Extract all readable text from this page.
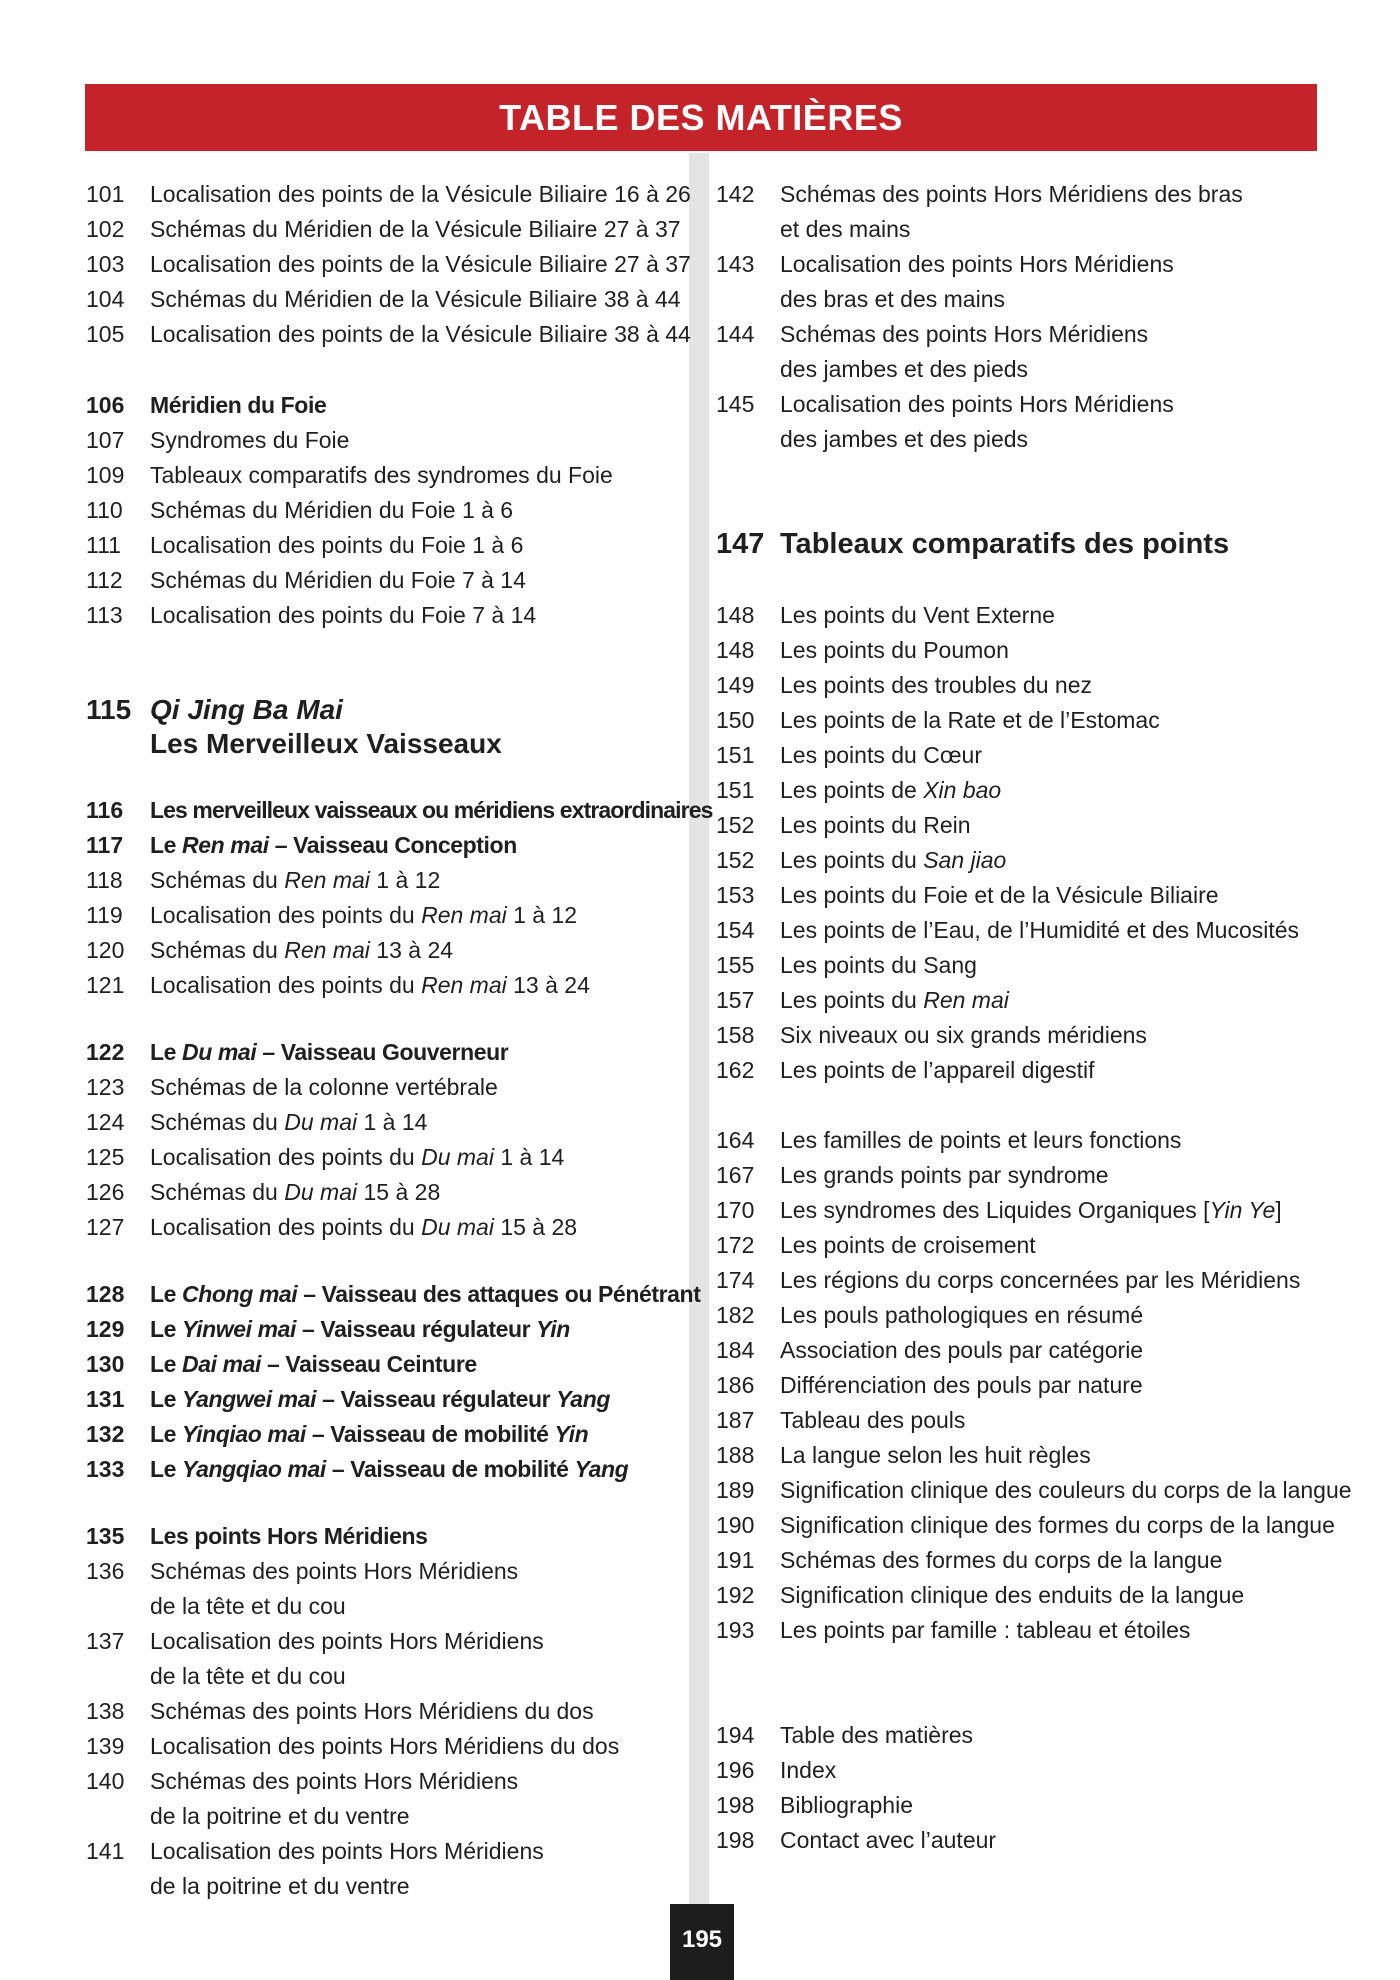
TABLE DES MATIÈRES
101 Localisation des points de la Vésicule Biliaire 16 à 26
102 Schémas du Méridien de la Vésicule Biliaire 27 à 37
103 Localisation des points de la Vésicule Biliaire 27 à 37
104 Schémas du Méridien de la Vésicule Biliaire 38 à 44
105 Localisation des points de la Vésicule Biliaire 38 à 44
106 Méridien du Foie
107 Syndromes du Foie
109 Tableaux comparatifs des syndromes du Foie
110 Schémas du Méridien du Foie 1 à 6
111 Localisation des points du Foie 1 à 6
112 Schémas du Méridien du Foie 7 à 14
113 Localisation des points du Foie 7 à 14
115 Qi Jing Ba Mai
Les Merveilleux Vaisseaux
116 Les merveilleux vaisseaux ou méridiens extraordinaires
117 Le Ren mai – Vaisseau Conception
118 Schémas du Ren mai 1 à 12
119 Localisation des points du Ren mai 1 à 12
120 Schémas du Ren mai 13 à 24
121 Localisation des points du Ren mai 13 à 24
122 Le Du mai – Vaisseau Gouverneur
123 Schémas de la colonne vertébrale
124 Schémas du Du mai 1 à 14
125 Localisation des points du Du mai 1 à 14
126 Schémas du Du mai 15 à 28
127 Localisation des points du Du mai 15 à 28
128 Le Chong mai – Vaisseau des attaques ou Pénétrant
129 Le Yinwei mai – Vaisseau régulateur Yin
130 Le Dai mai – Vaisseau Ceinture
131 Le Yangwei mai – Vaisseau régulateur Yang
132 Le Yinqiao mai – Vaisseau de mobilité Yin
133 Le Yangqiao mai – Vaisseau de mobilité Yang
135 Les points Hors Méridiens
136 Schémas des points Hors Méridiens
de la tête et du cou
137 Localisation des points Hors Méridiens
de la tête et du cou
138 Schémas des points Hors Méridiens du dos
139 Localisation des points Hors Méridiens du dos
140 Schémas des points Hors Méridiens
de la poitrine et du ventre
141 Localisation des points Hors Méridiens
de la poitrine et du ventre
142 Schémas des points Hors Méridiens des bras
et des mains
143 Localisation des points Hors Méridiens
des bras et des mains
144 Schémas des points Hors Méridiens
des jambes et des pieds
145 Localisation des points Hors Méridiens
des jambes et des pieds
147 Tableaux comparatifs des points
148 Les points du Vent Externe
148 Les points du Poumon
149 Les points des troubles du nez
150 Les points de la Rate et de l’Estomac
151 Les points du Cœur
151 Les points de Xin bao
152 Les points du Rein
152 Les points du San jiao
153 Les points du Foie et de la Vésicule Biliaire
154 Les points de l’Eau, de l’Humidité et des Mucosités
155 Les points du Sang
157 Les points du Ren mai
158 Six niveaux ou six grands méridiens
162 Les points de l’appareil digestif
164 Les familles de points et leurs fonctions
167 Les grands points par syndrome
170 Les syndromes des Liquides Organiques [Yin Ye]
172 Les points de croisement
174 Les régions du corps concernées par les Méridiens
182 Les pouls pathologiques en résumé
184 Association des pouls par catégorie
186 Différenciation des pouls par nature
187 Tableau des pouls
188 La langue selon les huit règles
189 Signification clinique des couleurs du corps de la langue
190 Signification clinique des formes du corps de la langue
191 Schémas des formes du corps de la langue
192 Signification clinique des enduits de la langue
193 Les points par famille : tableau et étoiles
194 Table des matières
196 Index
198 Bibliographie
198 Contact avec l’auteur
195
